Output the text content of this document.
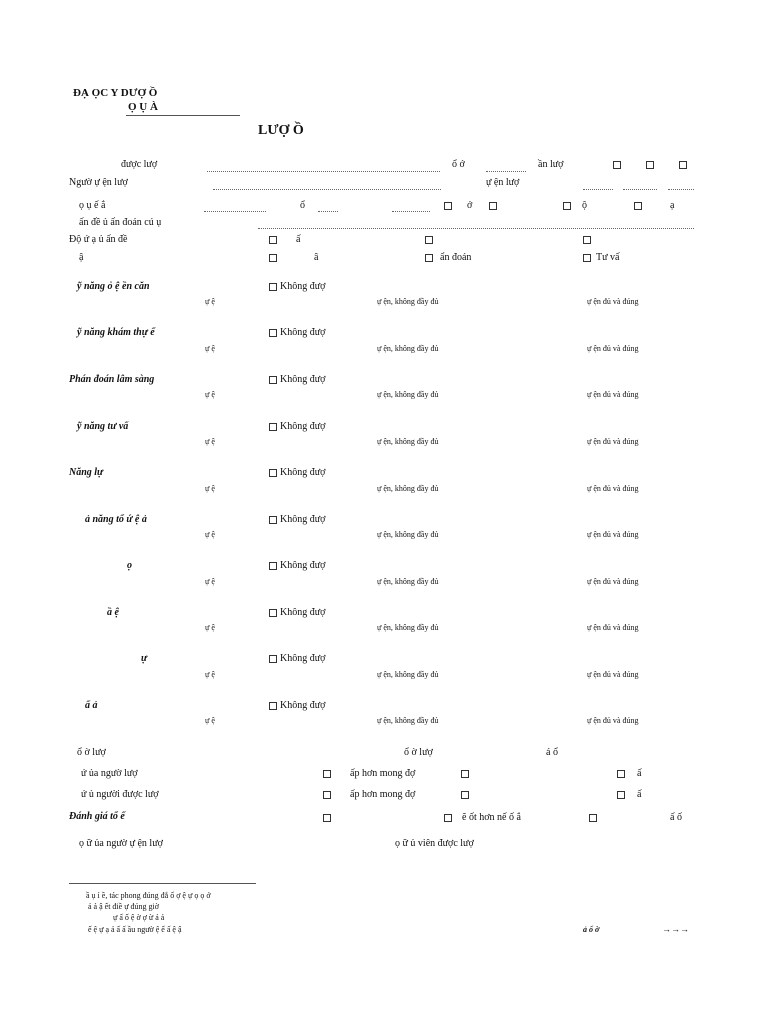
ĐẠ ỌC Y DƯỢ Ồ
Ọ Ụ À
LƯỢ Ồ
được lượ	ổ ớ	ần lượ
Ngườ ự ện lượ	ự ện lượ
ọ ụ ế ắ	ổ	ớ	ộ	ạ
ấn đề ủ ấn đoán cú ụ
Độ ứ ạ ủ ấn đề	ấ
ậ	â	ẩn đoán	Tư vấ
ỹ năng ỏ ệ ền căn	Không đượ
ự ệ	ự ện, không đầy đủ	ự ện đủ và đúng
ỹ năng khám thự ể	Không đượ
ự ệ	ự ện, không đầy đủ	ự ện đủ và đúng
Phán đoán lâm sàng	Không đượ
ự ệ	ự ện, không đầy đủ	ự ện đủ và đúng
ỹ năng tư vấ	Không đượ
ự ệ	ự ện, không đầy đủ	ự ện đủ và đúng
Năng lự	Không đượ
ự ệ	ự ện, không đầy đủ	ự ện đủ và đúng
ả năng tổ ứ ệ ả	Không đượ
ự ệ	ự ện, không đầy đủ	ự ện đủ và đúng
ọ	Không đượ
ự ệ	ự ện, không đầy đủ	ự ện đủ và đúng
ầ ệ	Không đượ
ự ệ	ự ện, không đầy đủ	ự ện đủ và đúng
ự	Không đượ
ự ệ	ự ện, không đầy đủ	ự ện đủ và đúng
ấ ả	Không đượ
ự ệ	ự ện, không đầy đủ	ự ện đủ và đúng
ổ ờ lượ	ổ ờ lượ	á ổ
ứ ủa ngườ lượ	ấp hơn mong đợ	ấ
ứ ủ người được lượ	ấp hơn mong đợ	ấ
Đánh giá tổ ể	ẽ ốt hơn nế ố ắ	ấ ố
ọ ữ ủa ngườ ự ện lượ	ọ ữ ủ viên được lượ
ầ ụ ỉ ề, tác phong đúng đắ ổ ợ ệ ự ọ ọ ớ
ả ả ậ ết điề ự đúng giờ
ự ấ ố ệ ờ ợ ừ ả ả
ế ệ ự ạ ả ấ ấ ầu ngườ ệ ế ấ ệ ậ	ả ổ ờ	→→→
